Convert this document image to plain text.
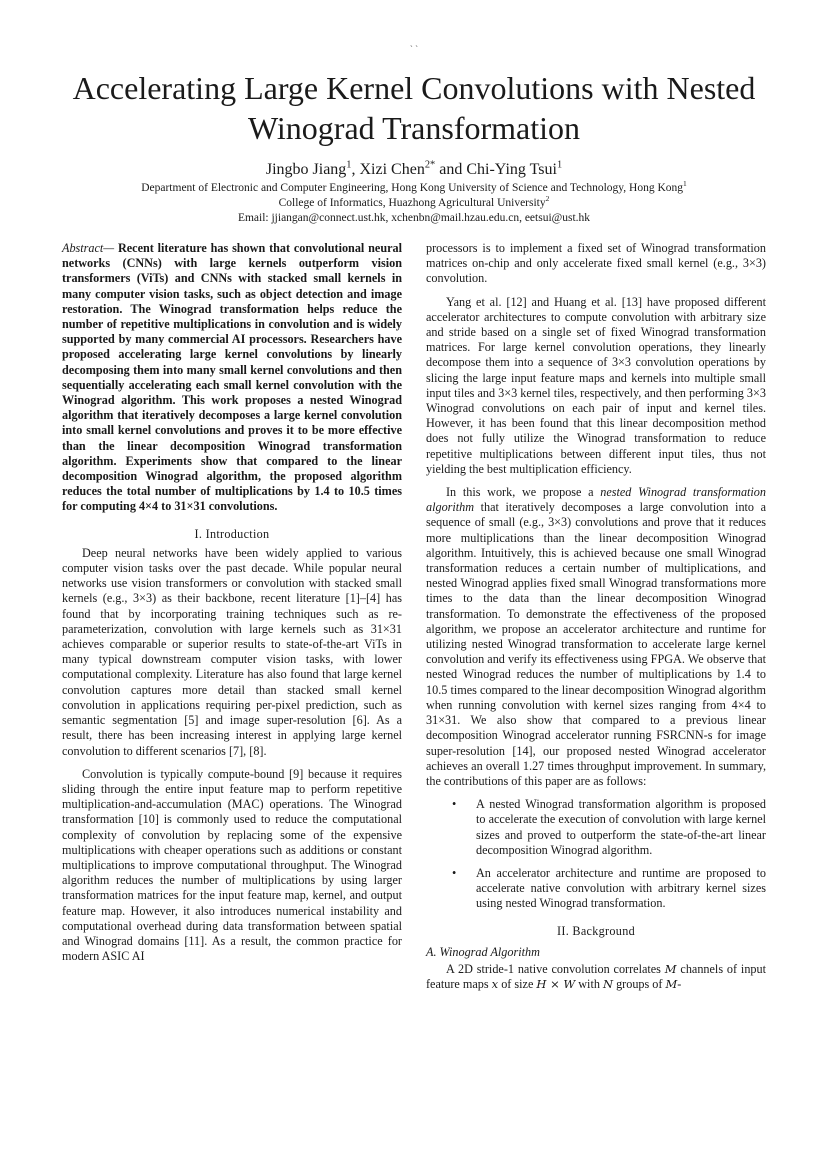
` `
Accelerating Large Kernel Convolutions with Nested Winograd Transformation
Jingbo Jiang$^1$, Xizi Chen$^{2*}$ and Chi-Ying Tsui$^1$
Department of Electronic and Computer Engineering, Hong Kong University of Science and Technology, Hong Kong$^1$
College of Informatics, Huazhong Agricultural University$^2$
Email: jjiangan@connect.ust.hk, xchenbn@mail.hzau.edu.cn, eetsui@ust.hk

Abstract— Recent literature has shown that convolutional neural networks (CNNs) with large kernels outperform vision transformers (ViTs) and CNNs with stacked small kernels in many computer vision tasks, such as object detection and image restoration. The Winograd transformation helps reduce the number of repetitive multiplications in convolution and is widely supported by many commercial AI processors. Researchers have proposed accelerating large kernel convolutions by linearly decomposing them into many small kernel convolutions and then sequentially accelerating each small kernel convolution with the Winograd algorithm. This work proposes a nested Winograd algorithm that iteratively decomposes a large kernel convolution into small kernel convolutions and proves it to be more effective than the linear decomposition Winograd transformation algorithm. Experiments show that compared to the linear decomposition Winograd algorithm, the proposed algorithm reduces the total number of multiplications by 1.4 to 10.5 times for computing 4×4 to 31×31 convolutions.

I. Introduction

Deep neural networks have been widely applied to various computer vision tasks over the past decade. While popular neural networks use vision transformers or convolution with stacked small kernels (e.g., 3×3) as their backbone, recent literature [1]–[4] has found that by incorporating training techniques such as re-parameterization, convolution with large kernels such as 31×31 achieves comparable or superior results to state-of-the-art ViTs in many typical downstream computer vision tasks, with lower computational complexity. Literature has also found that large kernel convolution captures more detail than stacked small kernel convolution in applications requiring per-pixel prediction, such as semantic segmentation [5] and image super-resolution [6]. As a result, there has been increasing interest in applying large kernel convolution to different scenarios [7], [8].

Convolution is typically compute-bound [9] because it requires sliding through the entire input feature map to perform repetitive multiplication-and-accumulation (MAC) operations. The Winograd transformation [10] is commonly used to reduce the computational complexity of convolution by replacing some of the expensive multiplications with cheaper operations such as additions or constant multiplications to improve computational throughput. The Winograd algorithm reduces the number of multiplications by using larger transformation matrices for the input feature map, kernel, and output feature map. However, it also introduces numerical instability and computational overhead during data transformation between spatial and Winograd domains [11]. As a result, the common practice for modern ASIC AI

processors is to implement a fixed set of Winograd transformation matrices on-chip and only accelerate fixed small kernel (e.g., 3×3) convolution.

Yang et al. [12] and Huang et al. [13] have proposed different accelerator architectures to compute convolution with arbitrary size and stride based on a single set of fixed Winograd transformation matrices. For large kernel convolution operations, they linearly decompose them into a sequence of 3×3 convolution operations by slicing the large input feature maps and kernels into multiple small input tiles and 3×3 kernel tiles, respectively, and then performing 3×3 Winograd convolutions on each pair of input and kernel tiles. However, it has been found that this linear decomposition method does not fully utilize the Winograd transformation to reduce repetitive multiplications between different input tiles, thus not yielding the best multiplication efficiency.

In this work, we propose a nested Winograd transformation algorithm that iteratively decomposes a large convolution into a sequence of small (e.g., 3×3) convolutions and prove that it reduces more multiplications than the linear decomposition Winograd algorithm. Intuitively, this is achieved because one small Winograd transformation reduces a certain number of multiplications, and nested Winograd applies fixed small Winograd transformations more times to the data than the linear decomposition Winograd transformation. To demonstrate the effectiveness of the proposed algorithm, we propose an accelerator architecture and runtime for utilizing nested Winograd transformation to accelerate large kernel convolution and verify its effectiveness using FPGA. We observe that nested Winograd reduces the number of multiplications by 1.4 to 10.5 times compared to the linear decomposition Winograd algorithm when running convolution with kernel sizes ranging from 4×4 to 31×31. We also show that compared to a previous linear decomposition Winograd accelerator running FSRCNN-s for image super-resolution [14], our proposed nested Winograd accelerator achieves an overall 1.27 times throughput improvement. In summary, the contributions of this paper are as follows:

• A nested Winograd transformation algorithm is proposed to accelerate the execution of convolution with large kernel sizes and proved to outperform the state-of-the-art linear decomposition Winograd algorithm.
• An accelerator architecture and runtime are proposed to accelerate native convolution with arbitrary kernel sizes using nested Winograd transformation.
II. Background
A. Winograd Algorithm

A 2D stride-1 native convolution correlates M channels of input feature maps x of size H × W with N groups of M-
